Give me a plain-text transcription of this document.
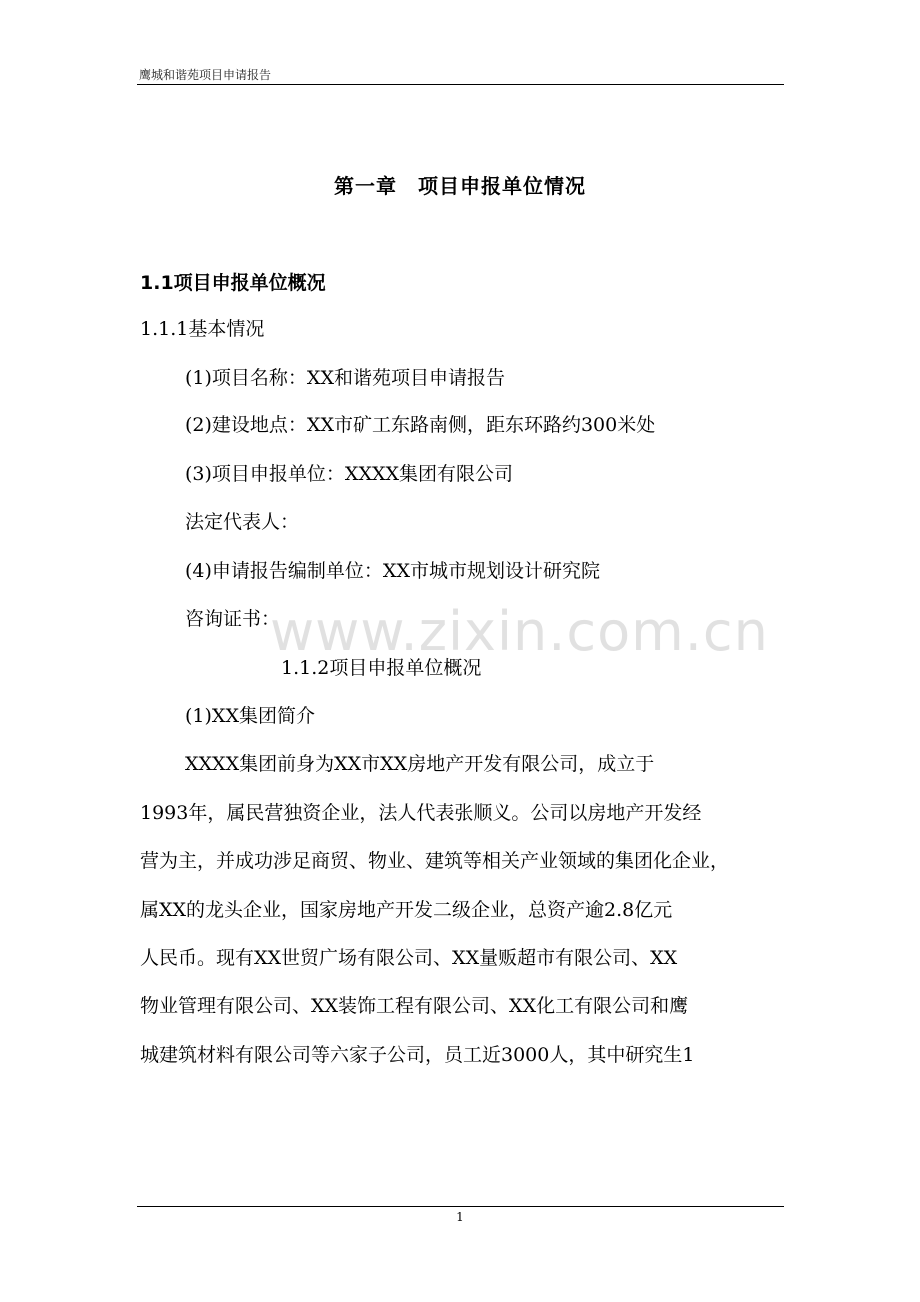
鹰城和谐苑项目申请报告
第一章　项目申报单位情况
1.1项目申报单位概况
1.1.1基本情况
(1)项目名称：XX和谐苑项目申请报告
(2)建设地点：XX市矿工东路南侧，距东环路约300米处
(3)项目申报单位：XXXX集团有限公司
法定代表人：
(4)申请报告编制单位：XX市城市规划设计研究院
咨询证书：
1.1.2项目申报单位概况
(1)XX集团简介
XXXX集团前身为XX市XX房地产开发有限公司，成立于
1993年，属民营独资企业，法人代表张顺义。公司以房地产开发经
营为主，并成功涉足商贸、物业、建筑等相关产业领域的集团化企业，
属XX的龙头企业，国家房地产开发二级企业，总资产逾2.8亿元
人民币。现有XX世贸广场有限公司、XX量贩超市有限公司、XX
物业管理有限公司、XX装饰工程有限公司、XX化工有限公司和鹰
城建筑材料有限公司等六家子公司，员工近3000人，其中研究生1
www.zixin.com.cn
1
